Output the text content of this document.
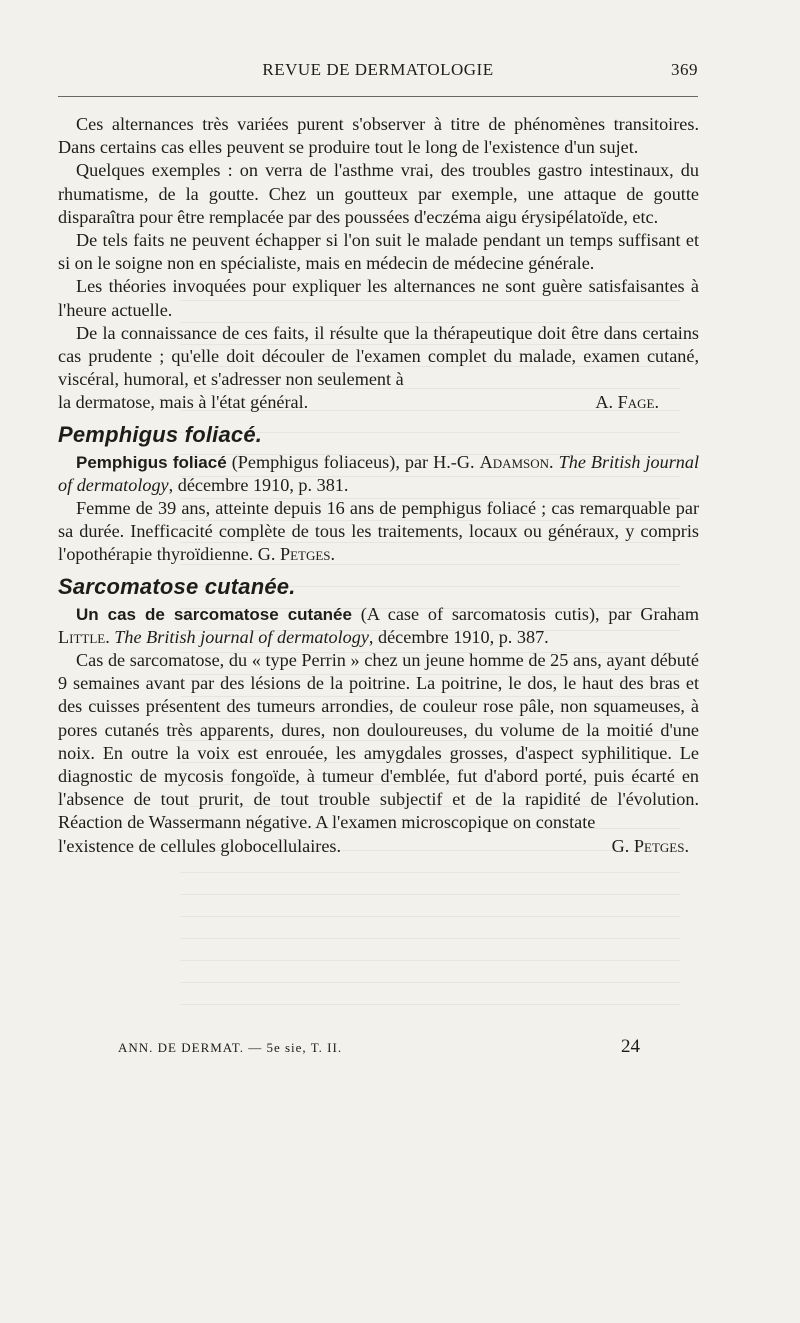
REVUE DE DERMATOLOGIE	369

Ces alternances très variées purent s'observer à titre de phénomènes transitoires. Dans certains cas elles peuvent se produire tout le long de l'existence d'un sujet.

Quelques exemples : on verra de l'asthme vrai, des troubles gastro intestinaux, du rhumatisme, de la goutte. Chez un goutteux par exemple, une attaque de goutte disparaîtra pour être remplacée par des poussées d'eczéma aigu érysipélatoïde, etc.

De tels faits ne peuvent échapper si l'on suit le malade pendant un temps suffisant et si on le soigne non en spécialiste, mais en médecin de médecine générale.

Les théories invoquées pour expliquer les alternances ne sont guère satisfaisantes à l'heure actuelle.

De la connaissance de ces faits, il résulte que la thérapeutique doit être dans certains cas prudente ; qu'elle doit découler de l'examen complet du malade, examen cutané, viscéral, humoral, et s'adresser non seulement à

la dermatose, mais à l'état général.	A. Fage.
Pemphigus foliacé.

Pemphigus foliacé (Pemphigus foliaceus), par H.-G. Adamson. The British journal of dermatology, décembre 1910, p. 381.

Femme de 39 ans, atteinte depuis 16 ans de pemphigus foliacé ; cas remarquable par sa durée. Inefficacité complète de tous les traitements, locaux ou généraux, y compris l'opothérapie thyroïdienne. G. Petges.

Sarcomatose cutanée.

Un cas de sarcomatose cutanée (A case of sarcomatosis cutis), par Graham Little. The British journal of dermatology, décembre 1910, p. 387.

Cas de sarcomatose, du « type Perrin » chez un jeune homme de 25 ans, ayant débuté 9 semaines avant par des lésions de la poitrine. La poitrine, le dos, le haut des bras et des cuisses présentent des tumeurs arrondies, de couleur rose pâle, non squameuses, à pores cutanés très apparents, dures, non douloureuses, du volume de la moitié d'une noix. En outre la voix est enrouée, les amygdales grosses, d'aspect syphilitique. Le diagnostic de mycosis fongoïde, à tumeur d'emblée, fut d'abord porté, puis écarté en l'absence de tout prurit, de tout trouble subjectif et de la rapidité de l'évolution. Réaction de Wassermann négative. A l'examen microscopique on constate

l'existence de cellules globocellulaires.	G. Petges.
ANN. DE DERMAT. — 5e sie, T. II.	24
